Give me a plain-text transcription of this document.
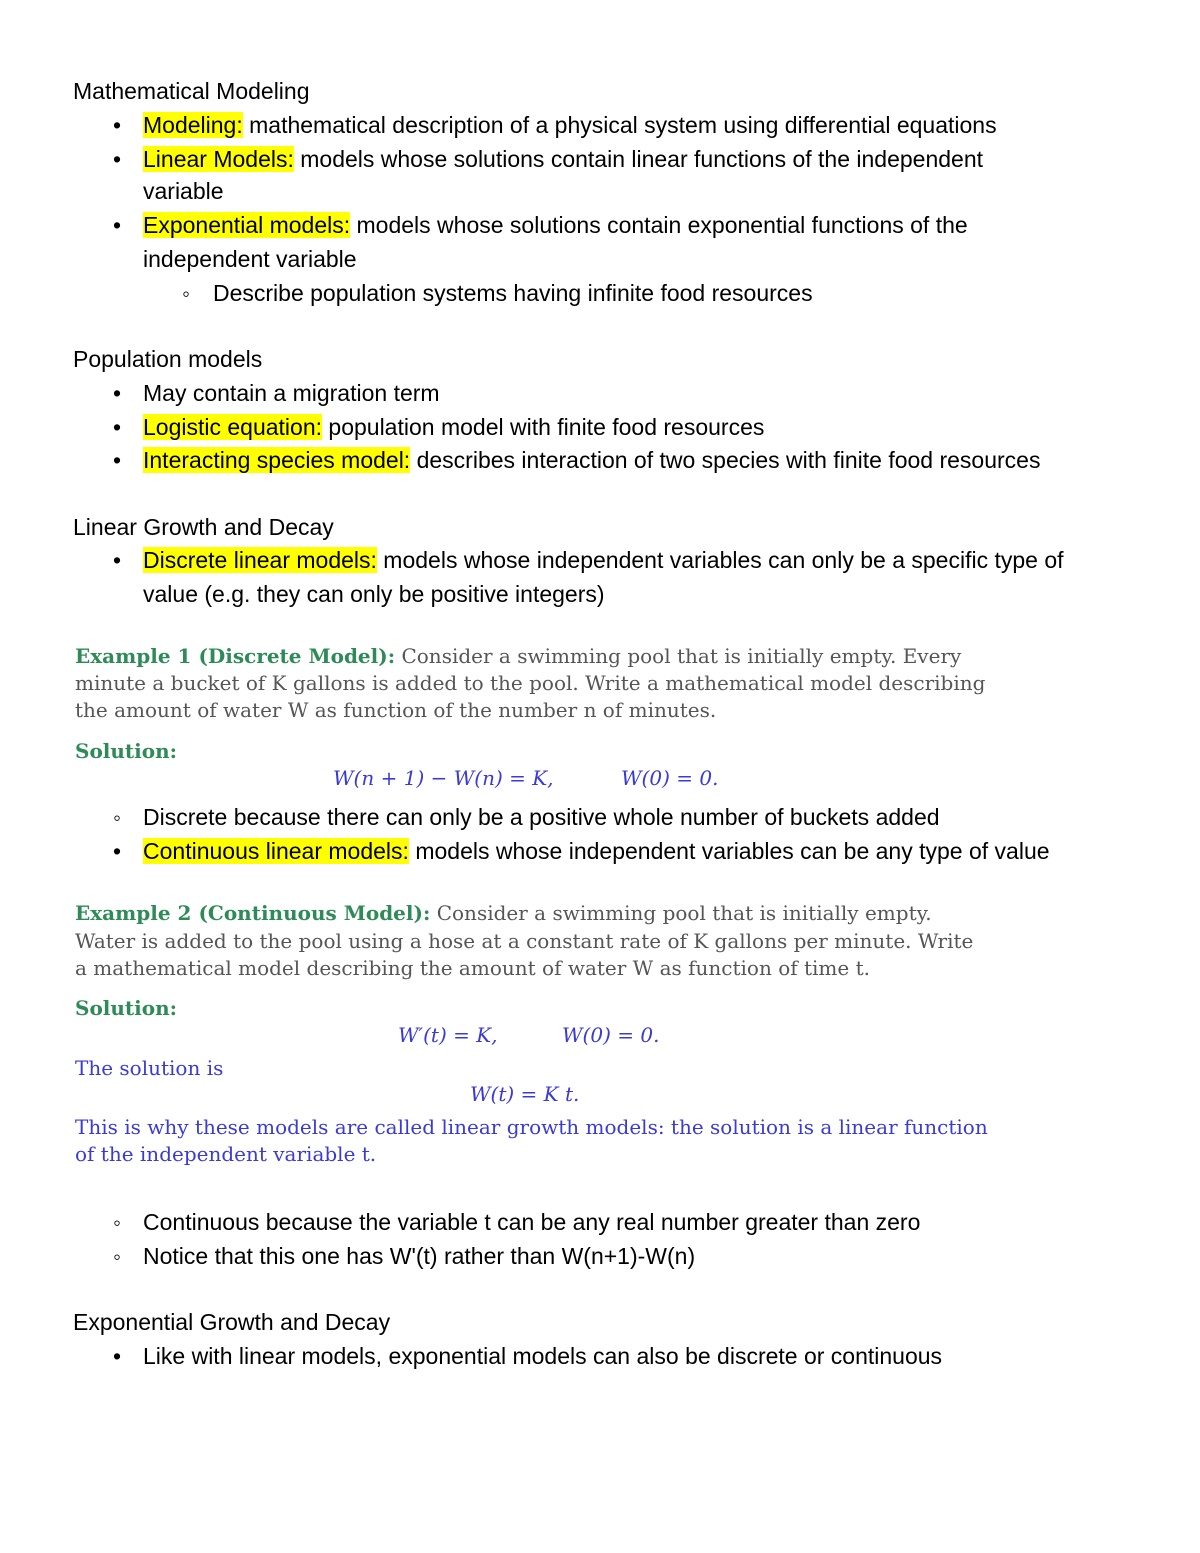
Mathematical Modeling
•
Modeling: mathematical description of a physical system using differential equations
•
Linear Models: models whose solutions contain linear functions of the independent
variable
•
Exponential models: models whose solutions contain exponential functions of the
independent variable
◦
Describe population systems having infinite food resources
Population models
•
May contain a migration term
•
Logistic equation: population model with finite food resources
•
Interacting species model: describes interaction of two species with finite food resources
Linear Growth and Decay
•
Discrete linear models: models whose independent variables can only be a specific type of
value (e.g. they can only be positive integers)
Example 1 (Discrete Model): Consider a swimming pool that is initially empty. Every
minute a bucket of K gallons is added to the pool. Write a mathematical model describing
the amount of water W as function of the number n of minutes.
Solution:
W(n + 1) − W(n) = K,	W(0) = 0.
◦
Discrete because there can only be a positive whole number of buckets added
•
Continuous linear models: models whose independent variables can be any type of value
Example 2 (Continuous Model): Consider a swimming pool that is initially empty.
Water is added to the pool using a hose at a constant rate of K gallons per minute. Write
a mathematical model describing the amount of water W as function of time t.
Solution:
W′(t) = K,	W(0) = 0.
The solution is
W(t) = K t.
This is why these models are called linear growth models: the solution is a linear function
of the independent variable t.
◦
Continuous because the variable t can be any real number greater than zero
◦
Notice that this one has W'(t) rather than W(n+1)-W(n)
Exponential Growth and Decay
•
Like with linear models, exponential models can also be discrete or continuous
